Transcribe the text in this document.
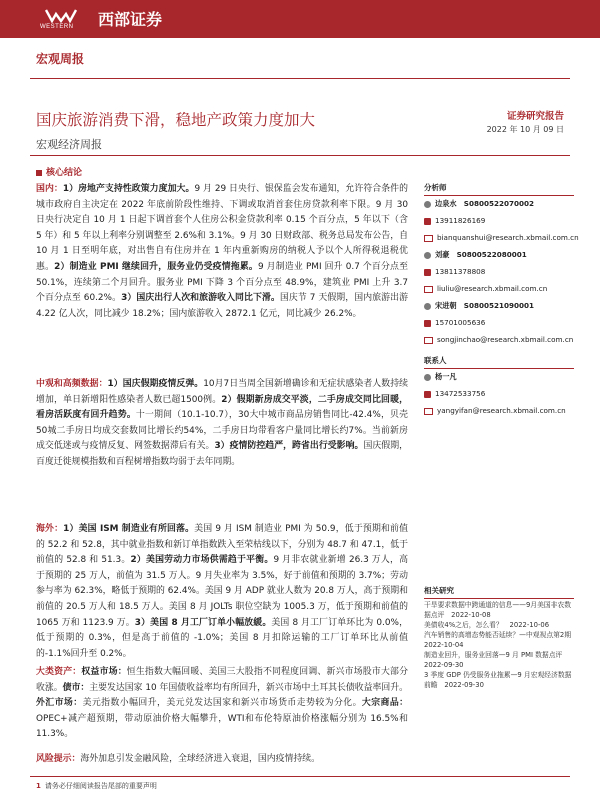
WESTERN 西部证券
宏观周报
国庆旅游消费下滑，稳地产政策力度加大
宏观经济周报
证券研究报告
2022 年 10 月 09 日
核心结论

国内：1）房地产支持性政策力度加大。9 月 29 日央行、银保监会发布通知，允许符合条件的城市政府自主决定在 2022 年底前阶段性维持、下调或取消首套住房贷款利率下限。9 月 30 日央行决定自 10 月 1 日起下调首套个人住房公积金贷款利率 0.15 个百分点，5 年以下（含 5 年）和 5 年以上利率分别调整至 2.6%和 3.1%。9 月 30 日财政部、税务总局发布公告，自 10 月 1 日至明年底，对出售自有住房并在 1 年内重新购房的纳税人予以个人所得税退税优惠。2）制造业 PMI 继续回升，服务业仍受疫情拖累。9 月制造业 PMI 回升 0.7 个百分点至 50.1%，连续第二个月回升。服务业 PMI 下降 3 个百分点至 48.9%，建筑业 PMI 上升 3.7 个百分点至 60.2%。3）国庆出行人次和旅游收入同比下滑。国庆节 7 天假期，国内旅游出游 4.22 亿人次，同比减少 18.2%；国内旅游收入 2872.1 亿元，同比减少 26.2%。

中观和高频数据：1）国庆假期疫情反弹。10月7日当周全国新增确诊和无症状感染者人数持续增加，单日新增阳性感染者人数已超1500例。2）假期新房成交平淡，二手房成交同比回暖，看房活跃度有回升趋势。十一期间（10.1-10.7），30大中城市商品房销售同比-42.4%，贝壳50城二手房日均成交套数同比增长约54%，二手房日均带看客户量同比增长约7%。当前新房成交低迷或与疫情反复、网签数据滞后有关。3）疫情防控趋严，跨省出行受影响。国庆假期，百度迁徙规模指数和百程树增指数均弱于去年同期。

海外：1）美国 ISM 制造业有所回落。美国 9 月 ISM 制造业 PMI 为 50.9，低于预期和前值的 52.2 和 52.8，其中就业指数和新订单指数跌入至荣枯线以下，分别为 48.7 和 47.1，低于前值的 52.8 和 51.3。2）美国劳动力市场供需趋于平衡。9 月非农就业新增 26.3 万人，高于预期的 25 万人，前值为 31.5 万人。9 月失业率为 3.5%，好于前值和预期的 3.7%；劳动参与率为 62.3%，略低于预期的 62.4%。美国 9 月 ADP 就业人数为 20.8 万人，高于预期和前值的 20.5 万人和 18.5 万人。美国 8 月 JOLTs 职位空缺为 1005.3 万，低于预期和前值的 1065 万和 1123.9 万。3）美国 8 月工厂订单小幅放緩。美国 8 月工厂订单环比为 0.0%，低于预期的 0.3%，但是高于前值的 -1.0%；美国 8 月扣除运输的工厂订单环比从前值的-1.1%回升至 0.2%。

大类资产：权益市场：恒生指数大幅回暖、美国三大股指不同程度回调、新兴市场股市大部分收涨。债市：主要发达国家 10 年国债收益率均有所回升，新兴市场中土耳其长债收益率回升。外汇市场：美元指数小幅回升，美元兑发达国家和新兴市场货币走势较为分化。大宗商品：OPEC+减产超预期，带动原油价格大幅攀升，WTI和布伦特原油价格涨幅分别为 16.5%和 11.3%。

风险提示：海外加息引发金融风险，全球经济进入衰退，国内疫情持续。

分析师
边泉水　 S0800522070002
13911826169
bianquanshui@research.xbmail.com.cn
刘豪　 S0800522080001
13811378808
liuliu@research.xbmail.com.cn
宋进朝　 S0800521090001
15701005636
songjinchao@research.xbmail.com.cn
联系人
杨一凡
13472533756
yangyifan@research.xbmail.com.cn
相关研究
干旱要求数据中跨通道的信息——9月美国非农数据点评　2022-10-08
美债收4%之后，怎么看？　2022-10-06
汽车销售的高增态势能否延续？—中观视点第2期　2022-10-04
制造业回升，服务业回落—9 月 PMI 数据点评　2022-09-30
3 季度 GDP 仍受服务业拖累—9 月宏观经济数据前瞻　2022-09-30
1 请务必仔细阅读报告尾部的重要声明
